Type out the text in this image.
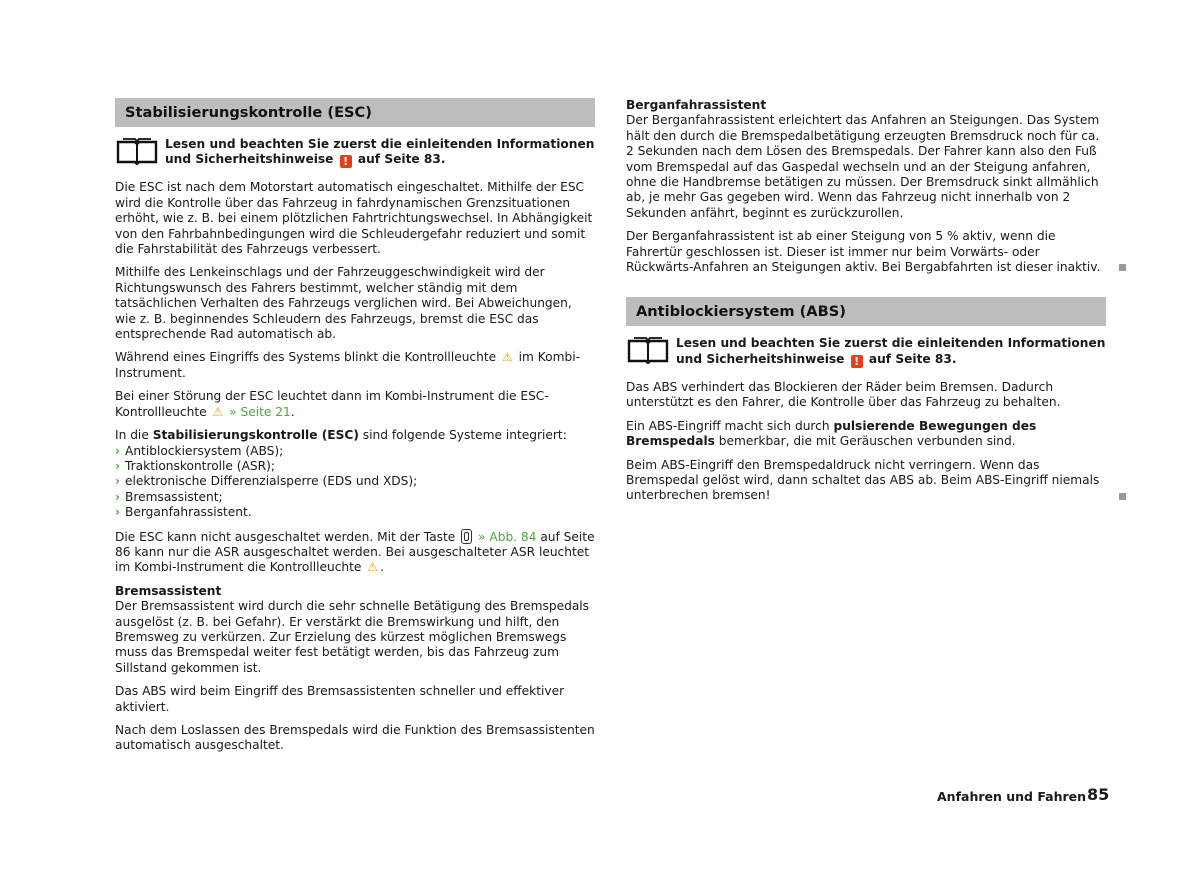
Stabilisierungskontrolle (ESC)
Lesen und beachten Sie zuerst die einleitenden Informationen und Sicherheitshinweise ! auf Seite 83.

Die ESC ist nach dem Motorstart automatisch eingeschaltet. Mithilfe der ESC wird die Kontrolle über das Fahrzeug in fahrdynamischen Grenzsituationen erhöht, wie z. B. bei einem plötzlichen Fahrtrichtungswechsel. In Abhängigkeit von den Fahrbahnbedingungen wird die Schleudergefahr reduziert und somit die Fahrstabilität des Fahrzeugs verbessert.

Mithilfe des Lenkeinschlags und der Fahrzeuggeschwindigkeit wird der Richtungswunsch des Fahrers bestimmt, welcher ständig mit dem tatsächlichen Verhalten des Fahrzeugs verglichen wird. Bei Abweichungen, wie z. B. beginnendes Schleudern des Fahrzeugs, bremst die ESC das entsprechende Rad automatisch ab.

Während eines Eingriffs des Systems blinkt die Kontrollleuchte ⚠ im Kombi-Instrument.

Bei einer Störung der ESC leuchtet dann im Kombi-Instrument die ESC-Kontrollleuchte ⚠ » Seite 21.

In die Stabilisierungskontrolle (ESC) sind folgende Systeme integriert:

› Antiblockiersystem (ABS);
› Traktionskontrolle (ASR);
› elektronische Differenzialsperre (EDS und XDS);
› Bremsassistent;
› Berganfahrassistent.

Die ESC kann nicht ausgeschaltet werden. Mit der Taste » Abb. 84 auf Seite 86 kann nur die ASR ausgeschaltet werden. Bei ausgeschalteter ASR leuchtet im Kombi-Instrument die Kontrollleuchte ⚠ .

Bremsassistent

Der Bremsassistent wird durch die sehr schnelle Betätigung des Bremspedals ausgelöst (z. B. bei Gefahr). Er verstärkt die Bremswirkung und hilft, den Bremsweg zu verkürzen. Zur Erzielung des kürzest möglichen Bremswegs muss das Bremspedal weiter fest betätigt werden, bis das Fahrzeug zum Sillstand gekommen ist.

Das ABS wird beim Eingriff des Bremsassistenten schneller und effektiver aktiviert.

Nach dem Loslassen des Bremspedals wird die Funktion des Bremsassistenten automatisch ausgeschaltet.

Berganfahrassistent

Der Berganfahrassistent erleichtert das Anfahren an Steigungen. Das System hält den durch die Bremspedalbetätigung erzeugten Bremsdruck noch für ca. 2 Sekunden nach dem Lösen des Bremspedals. Der Fahrer kann also den Fuß vom Bremspedal auf das Gaspedal wechseln und an der Steigung anfahren, ohne die Handbremse betätigen zu müssen. Der Bremsdruck sinkt allmählich ab, je mehr Gas gegeben wird. Wenn das Fahrzeug nicht innerhalb von 2 Sekunden anfährt, beginnt es zurückzurollen.

Der Berganfahrassistent ist ab einer Steigung von 5 % aktiv, wenn die Fahrertür geschlossen ist. Dieser ist immer nur beim Vorwärts- oder Rückwärts-Anfahren an Steigungen aktiv. Bei Bergabfahrten ist dieser inaktiv.

Antiblockiersystem (ABS)
Lesen und beachten Sie zuerst die einleitenden Informationen und Sicherheitshinweise ! auf Seite 83.

Das ABS verhindert das Blockieren der Räder beim Bremsen. Dadurch unterstützt es den Fahrer, die Kontrolle über das Fahrzeug zu behalten.

Ein ABS-Eingriff macht sich durch pulsierende Bewegungen des Bremspedals bemerkbar, die mit Geräuschen verbunden sind.

Beim ABS-Eingriff den Bremspedaldruck nicht verringern. Wenn das Bremspedal gelöst wird, dann schaltet das ABS ab. Beim ABS-Eingriff niemals unterbrechen bremsen!

Anfahren und Fahren 85
